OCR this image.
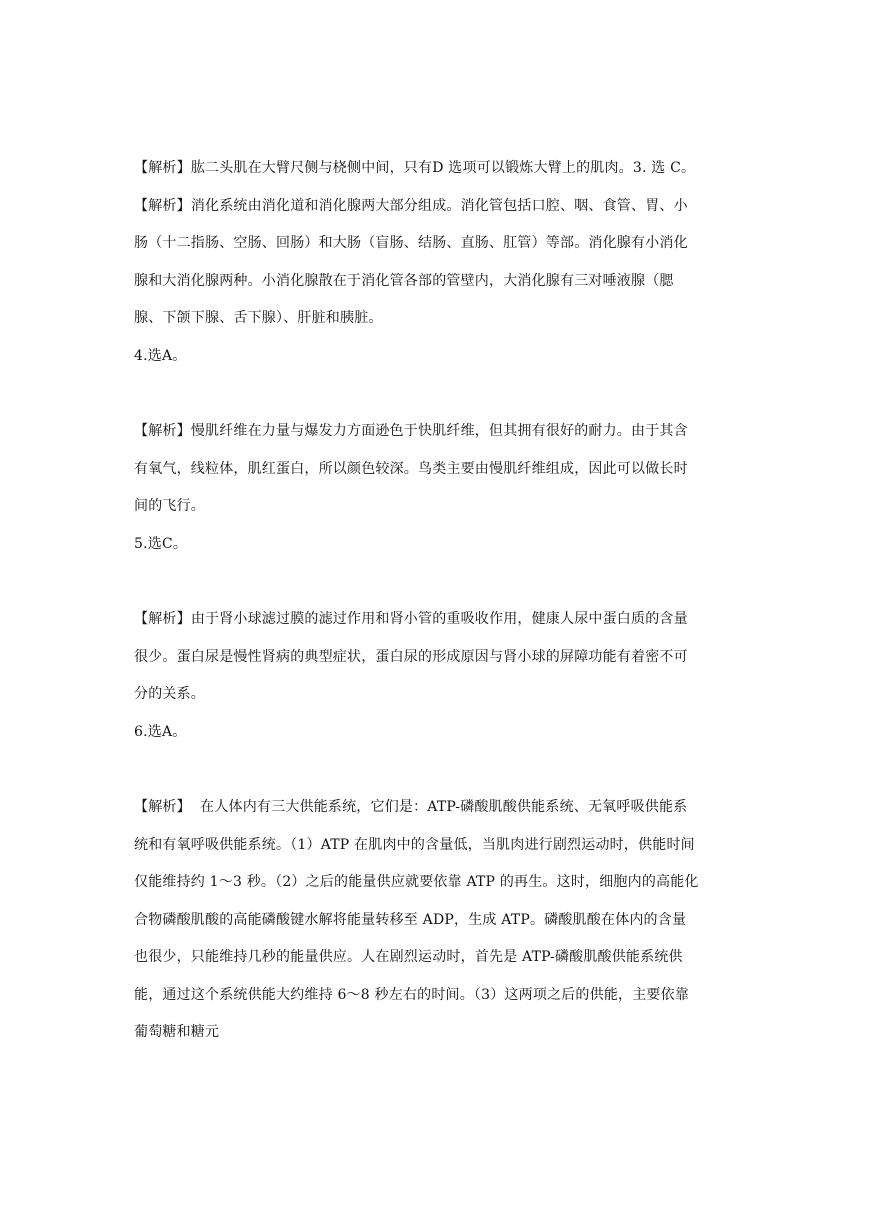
【解析】肱二头肌在大臂尺侧与桡侧中间，只有D 选项可以锻炼大臂上的肌肉。3. 选 C。

【解析】消化系统由消化道和消化腺两大部分组成。消化管包括口腔、咽、食管、胃、小肠（十二指肠、空肠、回肠）和大肠（盲肠、结肠、直肠、肛管）等部。消化腺有小消化腺和大消化腺两种。小消化腺散在于消化管各部的管壁内，大消化腺有三对唾液腺（腮腺、下颌下腺、舌下腺）、肝脏和胰脏。

4.选A。

【解析】慢肌纤维在力量与爆发力方面逊色于快肌纤维，但其拥有很好的耐力。由于其含有氧气，线粒体，肌红蛋白，所以颜色较深。鸟类主要由慢肌纤维组成，因此可以做长时间的飞行。

5.选C。

【解析】由于肾小球滤过膜的滤过作用和肾小管的重吸收作用，健康人尿中蛋白质的含量很少。蛋白尿是慢性肾病的典型症状，蛋白尿的形成原因与肾小球的屏障功能有着密不可分的关系。

6.选A。

【解析】  在人体内有三大供能系统，它们是：ATP-磷酸肌酸供能系统、无氧呼吸供能系统和有氧呼吸供能系统。（1）ATP 在肌肉中的含量低，当肌肉进行剧烈运动时，供能时间仅能维持约 1～3 秒。（2）之后的能量供应就要依靠 ATP 的再生。这时，细胞内的高能化合物磷酸肌酸的高能磷酸键水解将能量转移至 ADP，生成 ATP。磷酸肌酸在体内的含量也很少，只能维持几秒的能量供应。人在剧烈运动时，首先是 ATP-磷酸肌酸供能系统供能，通过这个系统供能大约维持 6～8 秒左右的时间。（3）这两项之后的供能，主要依靠葡萄糖和糖元
